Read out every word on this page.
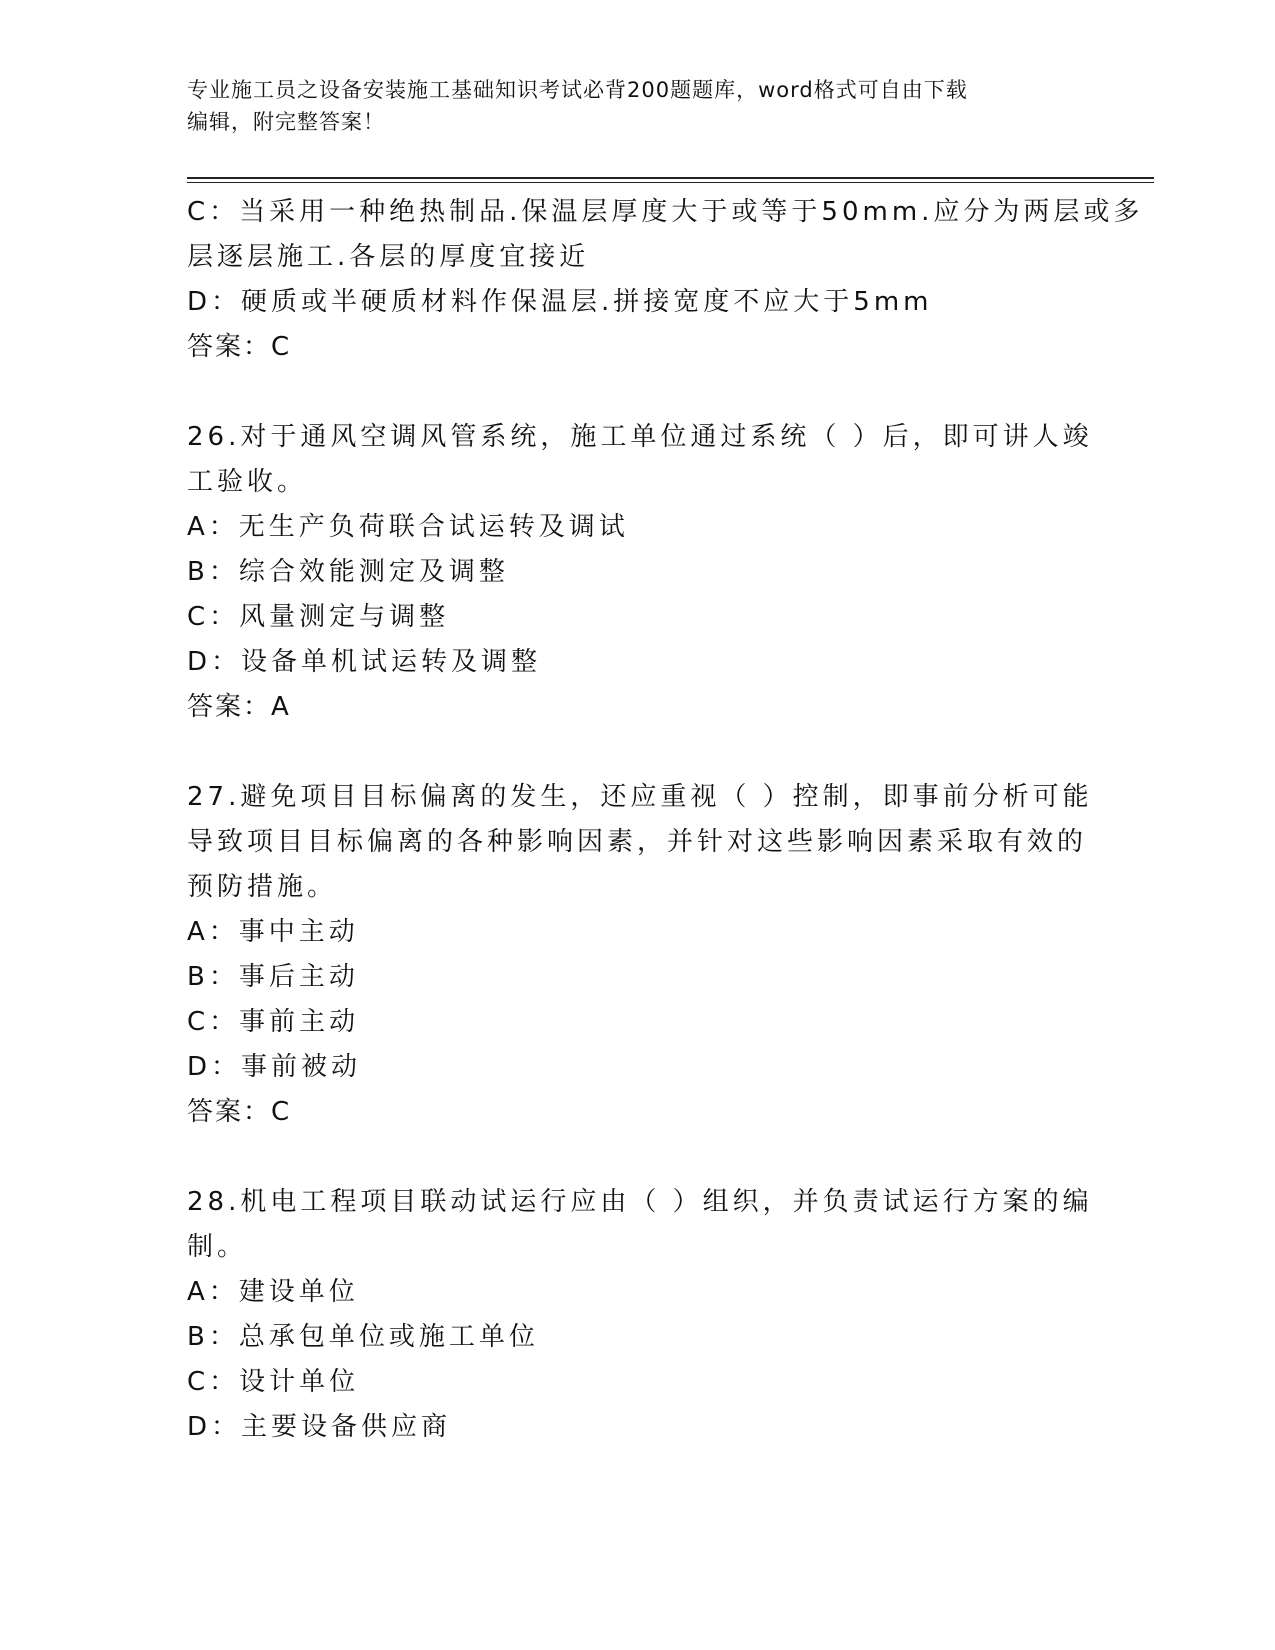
专业施工员之设备安装施工基础知识考试必背200题题库，word格式可自由下载
编辑，附完整答案！
C：当采用一种绝热制品.保温层厚度大于或等于50mm.应分为两层或多
层逐层施工.各层的厚度宜接近
D：硬质或半硬质材料作保温层.拼接宽度不应大于5mm
答案：C
26.对于通风空调风管系统，施工单位通过系统（ ）后，即可讲人竣
工验收。
A：无生产负荷联合试运转及调试
B：综合效能测定及调整
C：风量测定与调整
D：设备单机试运转及调整
答案：A
27.避免项目目标偏离的发生，还应重视（ ）控制，即事前分析可能
导致项目目标偏离的各种影响因素，并针对这些影响因素采取有效的
预防措施。
A：事中主动
B：事后主动
C：事前主动
D：事前被动
答案：C
28.机电工程项目联动试运行应由（ ）组织，并负责试运行方案的编
制。
A：建设单位
B：总承包单位或施工单位
C：设计单位
D：主要设备供应商
